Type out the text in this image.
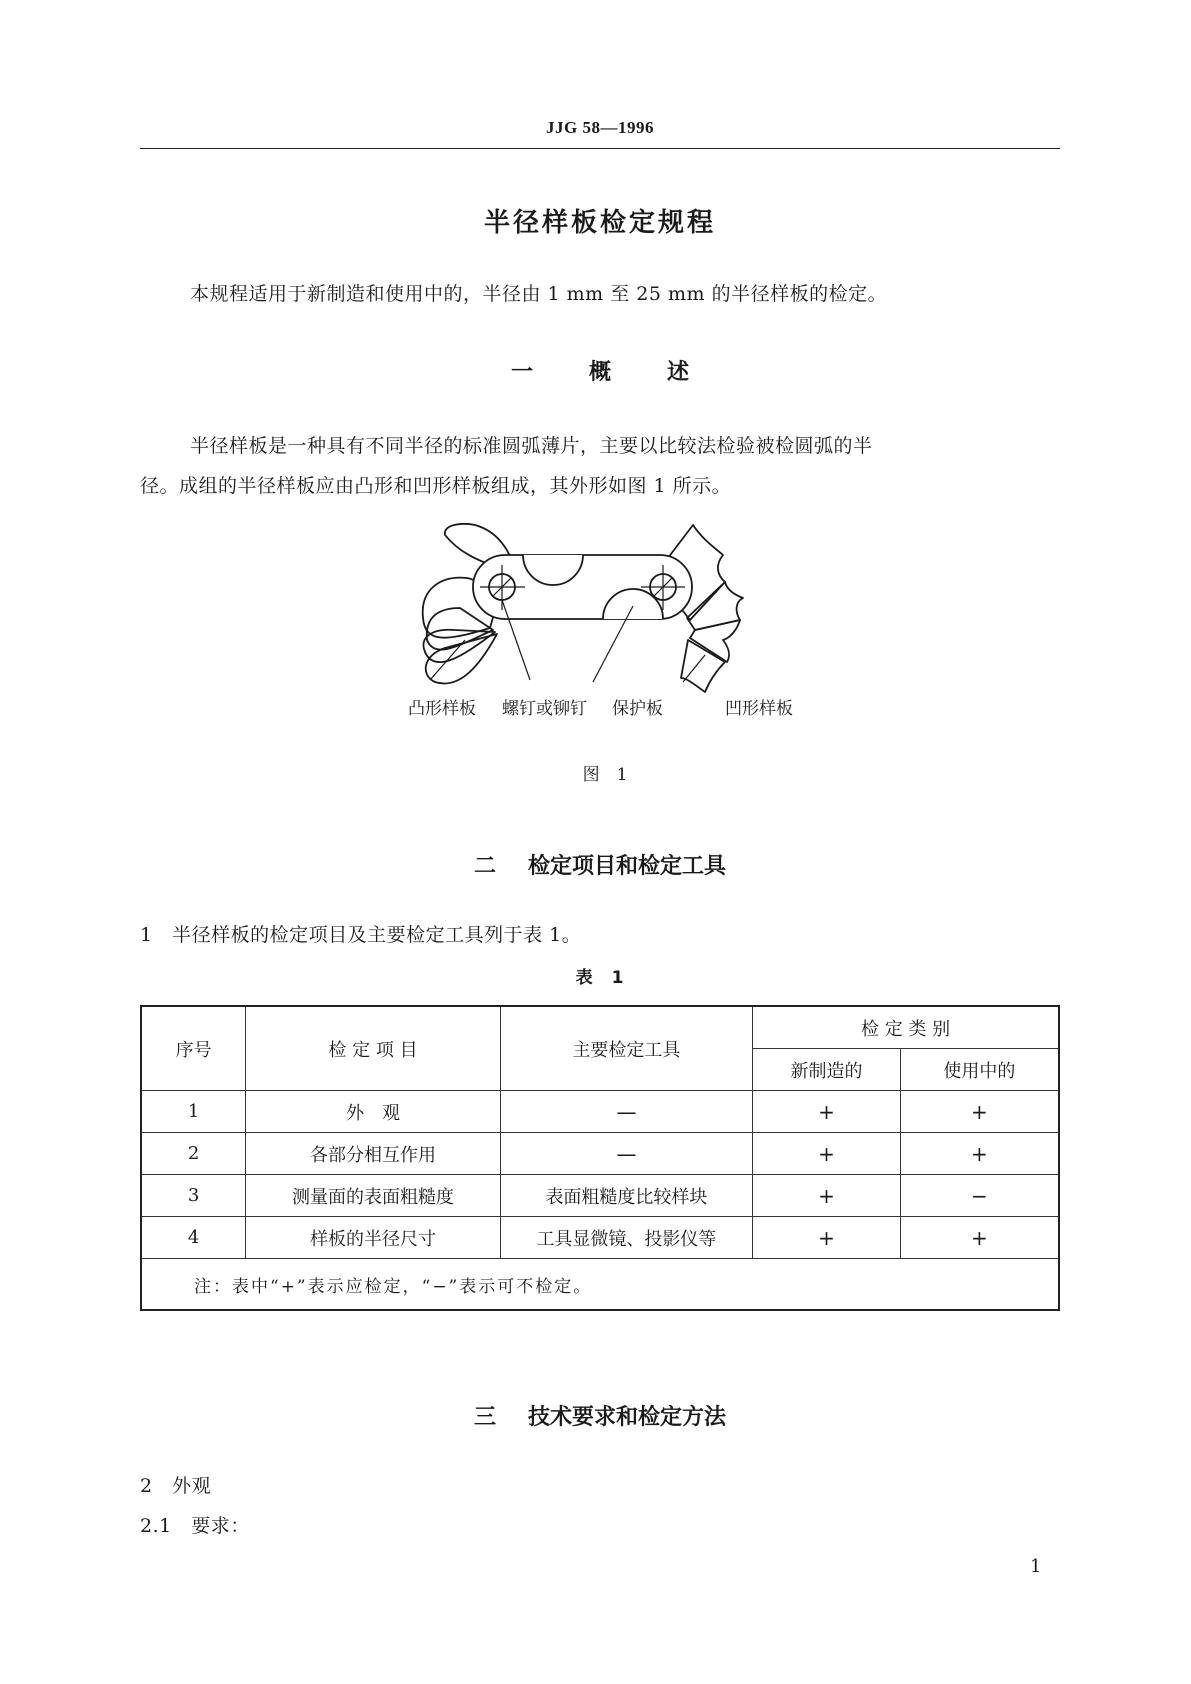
JJG 58—1996
半径样板检定规程
本规程适用于新制造和使用中的，半径由 1 mm 至 25 mm 的半径样板的检定。
一	概	述
半径样板是一种具有不同半径的标准圆弧薄片，主要以比较法检验被检圆弧的半
径。成组的半径样板应由凸形和凹形样板组成，其外形如图 1 所示。
凸形样板 螺钉或铆钉 保护板	凹形样板
图　1
二 检定项目和检定工具
1　半径样板的检定项目及主要检定工具列于表 1。
表　1
序号	检 定 项 目	主要检定工具	检 定 类 别	
			新制造的	使用中的
1	外　观	—	+	+
2	各部分相互作用	—	+	+
3	测量面的表面粗糙度	表面粗糙度比较样块	+	−
4	样板的半径尺寸	工具显微镜、投影仪等	+	+
注：表中“+”表示应检定，“−”表示可不检定。				
三 技术要求和检定方法
2　外观
2.1　要求：
1
